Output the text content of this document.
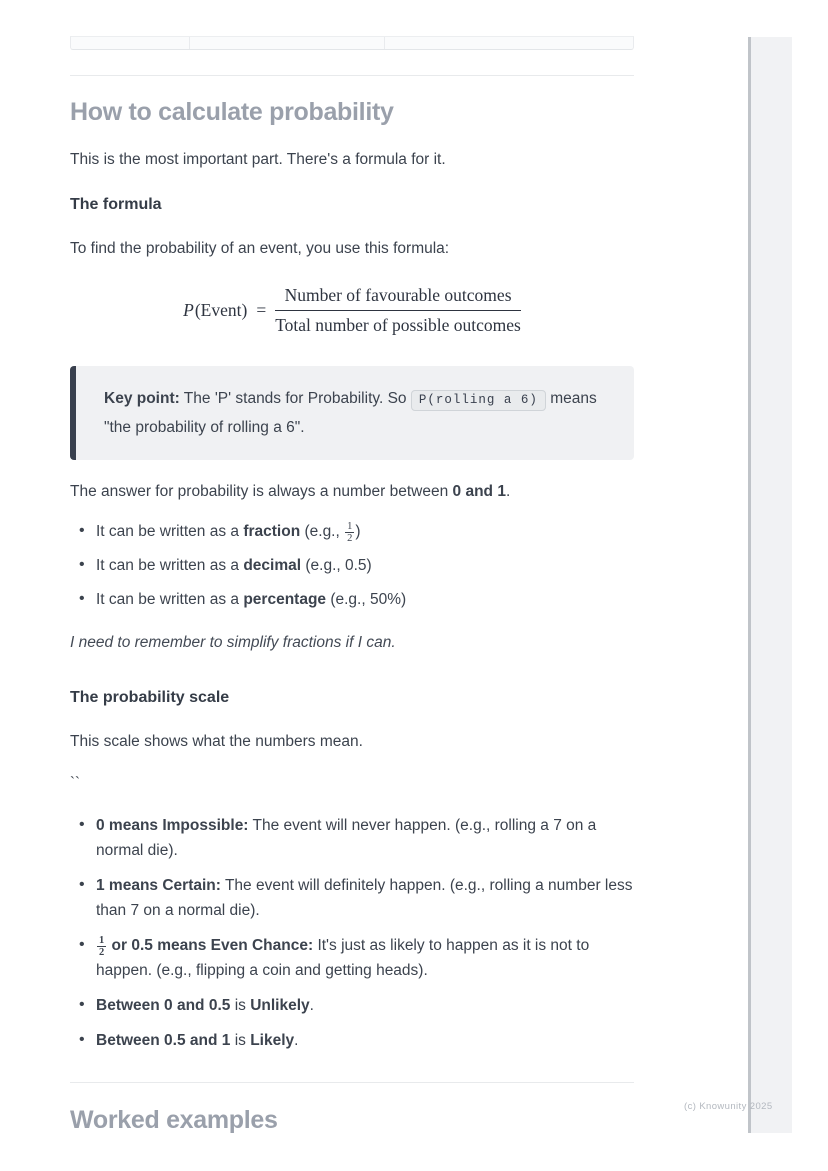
How to calculate probability

This is the most important part. There's a formula for it.

The formula

To find the probability of an event, you use this formula:

P(Event) = $\frac{\text{Number of favourable outcomes}}{\text{Total number of possible outcomes}}$
Key point: The 'P' stands for Probability. So P(rolling a 6) means "the probability of rolling a 6".

The answer for probability is always a number between 0 and 1.

• It can be written as a fraction (e.g., $\frac{1}{2}$ )
• It can be written as a decimal (e.g., 0.5)
• It can be written as a percentage (e.g., 50%)

I need to remember to simplify fractions if I can.

The probability scale

This scale shows what the numbers mean.

``

• 0 means Impossible: The event will never happen. (e.g., rolling a 7 on a normal die).
• 1 means Certain: The event will definitely happen. (e.g., rolling a number less than 7 on a normal die).
• $\frac{1}{2}$ or 0.5 means Even Chance: It's just as likely to happen as it is not to happen. (e.g., flipping a coin and getting heads).
• Between 0 and 0.5 is Unlikely.
• Between 0.5 and 1 is Likely.
Worked examples	(c) Knowunity 2025
